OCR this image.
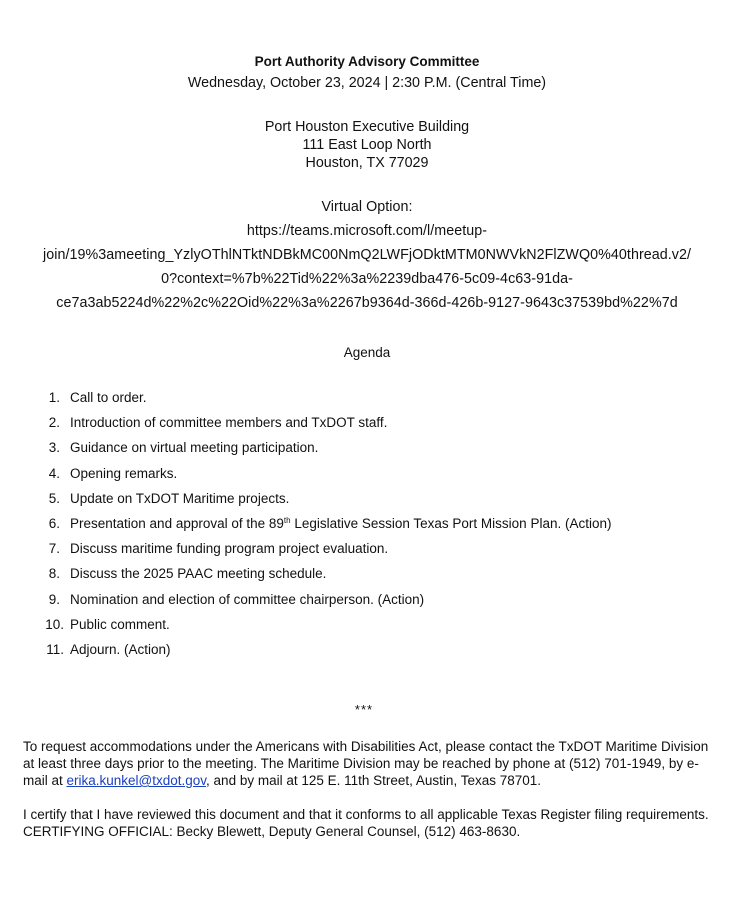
Port Authority Advisory Committee
Wednesday, October 23, 2024 | 2:30 P.M. (Central Time)
Port Houston Executive Building
111 East Loop North
Houston, TX 77029
Virtual Option:
https://teams.microsoft.com/l/meetup-
join/19%3ameeting_YzlyOThlNTktNDBkMC00NmQ2LWFjODktMTM0NWVkN2FlZWQ0%40thread.v2/
0?context=%7b%22Tid%22%3a%2239dba476-5c09-4c63-91da-
ce7a3ab5224d%22%2c%22Oid%22%3a%2267b9364d-366d-426b-9127-9643c37539bd%22%7d
Agenda
1. Call to order.
2. Introduction of committee members and TxDOT staff.
3. Guidance on virtual meeting participation.
4. Opening remarks.
5. Update on TxDOT Maritime projects.
6. Presentation and approval of the 89th Legislative Session Texas Port Mission Plan. (Action)
7. Discuss maritime funding program project evaluation.
8. Discuss the 2025 PAAC meeting schedule.
9. Nomination and election of committee chairperson. (Action)
10. Public comment.
11. Adjourn. (Action)
***
To request accommodations under the Americans with Disabilities Act, please contact the TxDOT Maritime Division at least three days prior to the meeting. The Maritime Division may be reached by phone at (512) 701-1949, by e-mail at erika.kunkel@txdot.gov, and by mail at 125 E. 11th Street, Austin, Texas 78701.
I certify that I have reviewed this document and that it conforms to all applicable Texas Register filing requirements.
CERTIFYING OFFICIAL: Becky Blewett, Deputy General Counsel, (512) 463-8630.
